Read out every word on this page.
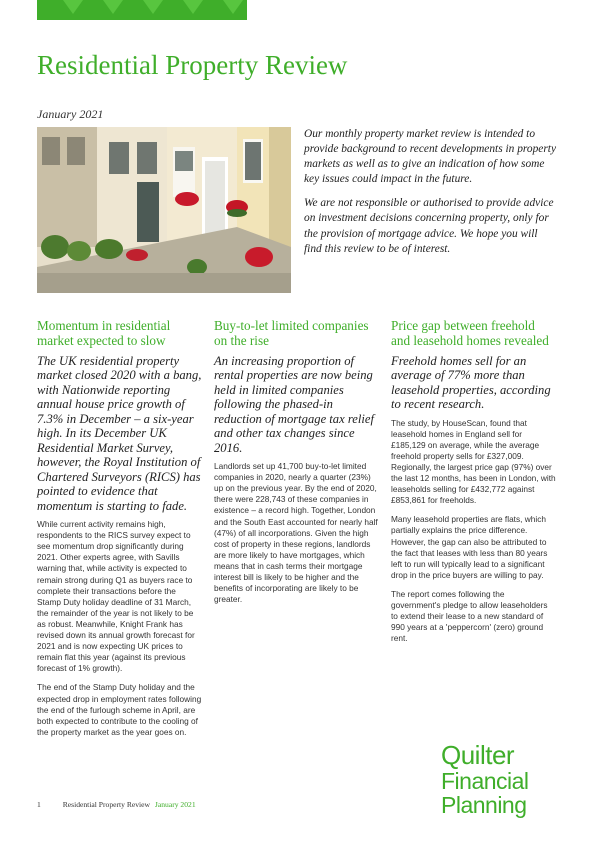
Residential Property Review
January 2021

Our monthly property market review is intended to provide background to recent developments in property markets as well as to give an indication of how some key issues could impact in the future.

We are not responsible or authorised to provide advice on investment decisions concerning property, only for the provision of mortgage advice. We hope you will find this review to be of interest.

Momentum in residential market expected to slow

The UK residential property market closed 2020 with a bang, with Nationwide reporting annual house price growth of 7.3% in December – a six-year high. In its December UK Residential Market Survey, however, the Royal Institution of Chartered Surveyors (RICS) has pointed to evidence that momentum is starting to fade.

While current activity remains high, respondents to the RICS survey expect to see momentum drop significantly during 2021. Other experts agree, with Savills warning that, while activity is expected to remain strong during Q1 as buyers race to complete their transactions before the Stamp Duty holiday deadline of 31 March, the remainder of the year is not likely to be as robust. Meanwhile, Knight Frank has revised down its annual growth forecast for 2021 and is now expecting UK prices to remain flat this year (against its previous forecast of 1% growth).

The end of the Stamp Duty holiday and the expected drop in employment rates following the end of the furlough scheme in April, are both expected to contribute to the cooling of the property market as the year goes on.

Buy-to-let limited companies on the rise

An increasing proportion of rental properties are now being held in limited companies following the phased-in reduction of mortgage tax relief and other tax changes since 2016.

Landlords set up 41,700 buy-to-let limited companies in 2020, nearly a quarter (23%) up on the previous year. By the end of 2020, there were 228,743 of these companies in existence – a record high. Together, London and the South East accounted for nearly half (47%) of all incorporations. Given the high cost of property in these regions, landlords are more likely to have mortgages, which means that in cash terms their mortgage interest bill is likely to be higher and the benefits of incorporating are likely to be greater.

Price gap between freehold and leasehold homes revealed

Freehold homes sell for an average of 77% more than leasehold properties, according to recent research.

The study, by HouseScan, found that leasehold homes in England sell for £185,129 on average, while the average freehold property sells for £327,009. Regionally, the largest price gap (97%) over the last 12 months, has been in London, with leaseholds selling for £432,772 against £853,861 for freeholds.

Many leasehold properties are flats, which partially explains the price difference. However, the gap can also be attributed to the fact that leases with less than 80 years left to run will typically lead to a significant drop in the price buyers are willing to pay.

The report comes following the government's pledge to allow leaseholders to extend their lease to a new standard of 990 years at a 'peppercorn' (zero) ground rent.

1	Residential Property Review January 2021
Quilter
Financial
Planning
